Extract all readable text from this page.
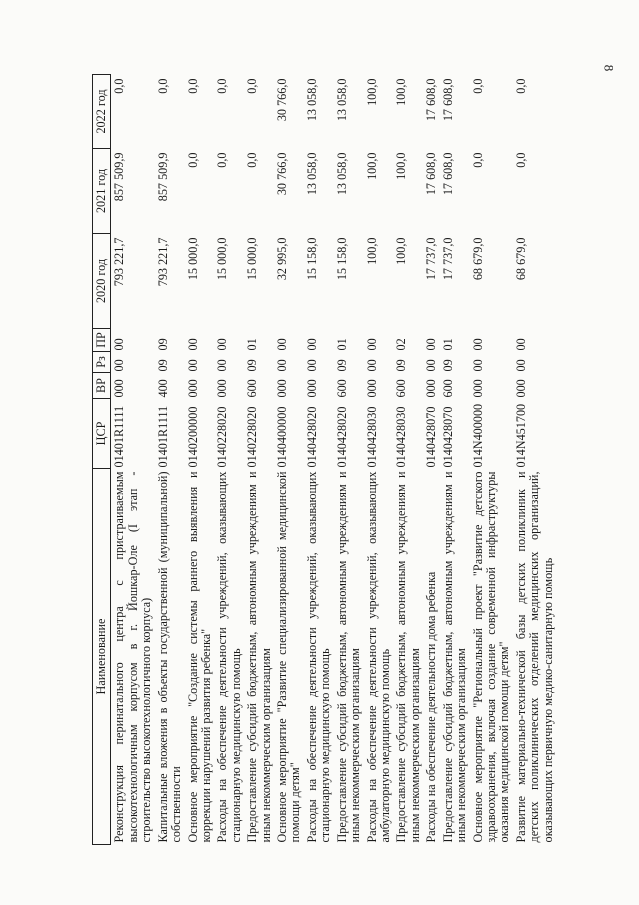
8
Наименование	ЦСР	ВР	Рз	ПР	2020 год	2021 год	2022 год
Реконструкция перинатального центра с пристраиваемым высокотехнологичным корпусом в г. Йошкар-Оле (I этап - строительство высокотехнологичного корпуса)	01401R1111	000	00	00	793 221,7	857 509,9	0,0
Капитальные вложения в объекты государственной (муниципальной) собственности	01401R1111	400	09	09	793 221,7	857 509,9	0,0
Основное мероприятие "Создание системы раннего выявления и коррекции нарушений развития ребенка"	0140200000	000	00	00	15 000,0	0,0	0,0
Расходы на обеспечение деятельности учреждений, оказывающих стационарную медицинскую помощь	0140228020	000	00	00	15 000,0	0,0	0,0
Предоставление субсидий бюджетным, автономным учреждениям и иным некоммерческим организациям	0140228020	600	09	01	15 000,0	0,0	0,0
Основное мероприятие "Развитие специализированной медицинской помощи детям"	0140400000	000	00	00	32 995,0	30 766,0	30 766,0
Расходы на обеспечение деятельности учреждений, оказывающих стационарную медицинскую помощь	0140428020	000	00	00	15 158,0	13 058,0	13 058,0
Предоставление субсидий бюджетным, автономным учреждениям и иным некоммерческим организациям	0140428020	600	09	01	15 158,0	13 058,0	13 058,0
Расходы на обеспечение деятельности учреждений, оказывающих амбулаторную медицинскую помощь	0140428030	000	00	00	100,0	100,0	100,0
Предоставление субсидий бюджетным, автономным учреждениям и иным некоммерческим организациям	0140428030	600	09	02	100,0	100,0	100,0
Расходы на обеспечение деятельности дома ребенка	0140428070	000	00	00	17 737,0	17 608,0	17 608,0
Предоставление субсидий бюджетным, автономным учреждениям и иным некоммерческим организациям	0140428070	600	09	01	17 737,0	17 608,0	17 608,0
Основное мероприятие "Региональный проект "Развитие детского здравоохранения, включая создание современной инфраструктуры оказания медицинской помощи детям"	014N400000	000	00	00	68 679,0	0,0	0,0
Развитие материально-технической базы детских поликлиник и детских поликлинических отделений медицинских организаций, оказывающих первичную медико-санитарную помощь	014N451700	000	00	00	68 679,0	0,0	0,0
